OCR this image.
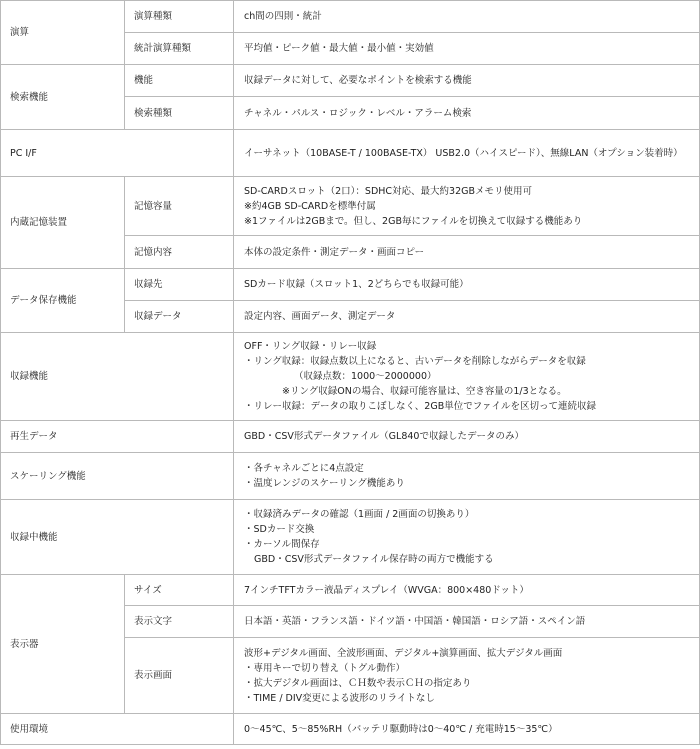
演算	演算種類	ch間の四則・統計

	統計演算種類	平均値・ピーク値・最大値・最小値・実効値

検索機能	機能	収録データに対して、必要なポイントを検索する機能

	検索種類	チャネル・パルス・ロジック・レベル・アラーム検索

PC I/F		イーサネット（10BASE-T / 100BASE-TX） USB2.0（ハイスピード）、無線LAN（オプション装着時）

内蔵記憶装置	記憶容量	SD-CARDスロット（2口）：SDHC対応、最大約32GBメモリ使用可
※約4GB SD-CARDを標準付属
※1ファイルは2GBまで。但し、2GB毎にファイルを切換えて収録する機能あり

	記憶内容	本体の設定条件・測定データ・画面コピー

データ保存機能	収録先	SDカード収録（スロット1、2どちらでも収録可能）

	収録データ	設定内容、画面データ、測定データ

収録機能		OFF・リング収録・リレー収録
・リング収録：収録点数以上になると、古いデータを削除しながらデータを収録
（収録点数：1000～2000000）
※リング収録ONの場合、収録可能容量は、空き容量の1/3となる。
・リレー収録：データの取りこぼしなく、2GB単位でファイルを区切って連続収録

再生データ		GBD・CSV形式データファイル（GL840で収録したデータのみ）

スケーリング機能		・各チャネルごとに4点設定
・温度レンジのスケーリング機能あり

収録中機能		・収録済みデータの確認（1画面 / 2画面の切換あり）
・SDカード交換
・カーソル間保存
GBD・CSV形式データファイル保存時の両方で機能する

表示器	サイズ	7インチTFTカラー液晶ディスプレイ（WVGA：800×480ドット）

	表示文字	日本語・英語・フランス語・ドイツ語・中国語・韓国語・ロシア語・スペイン語

	表示画面	波形+デジタル画面、全波形画面、デジタル+演算画面、拡大デジタル画面
・専用キーで切り替え（トグル動作）
・拡大デジタル画面は、ＣＨ数や表示ＣＨの指定あり
・TIME / DIV変更による波形のリライトなし

使用環境		0～45℃、5～85%RH（バッテリ駆動時は0～40℃ / 充電時15～35℃）
